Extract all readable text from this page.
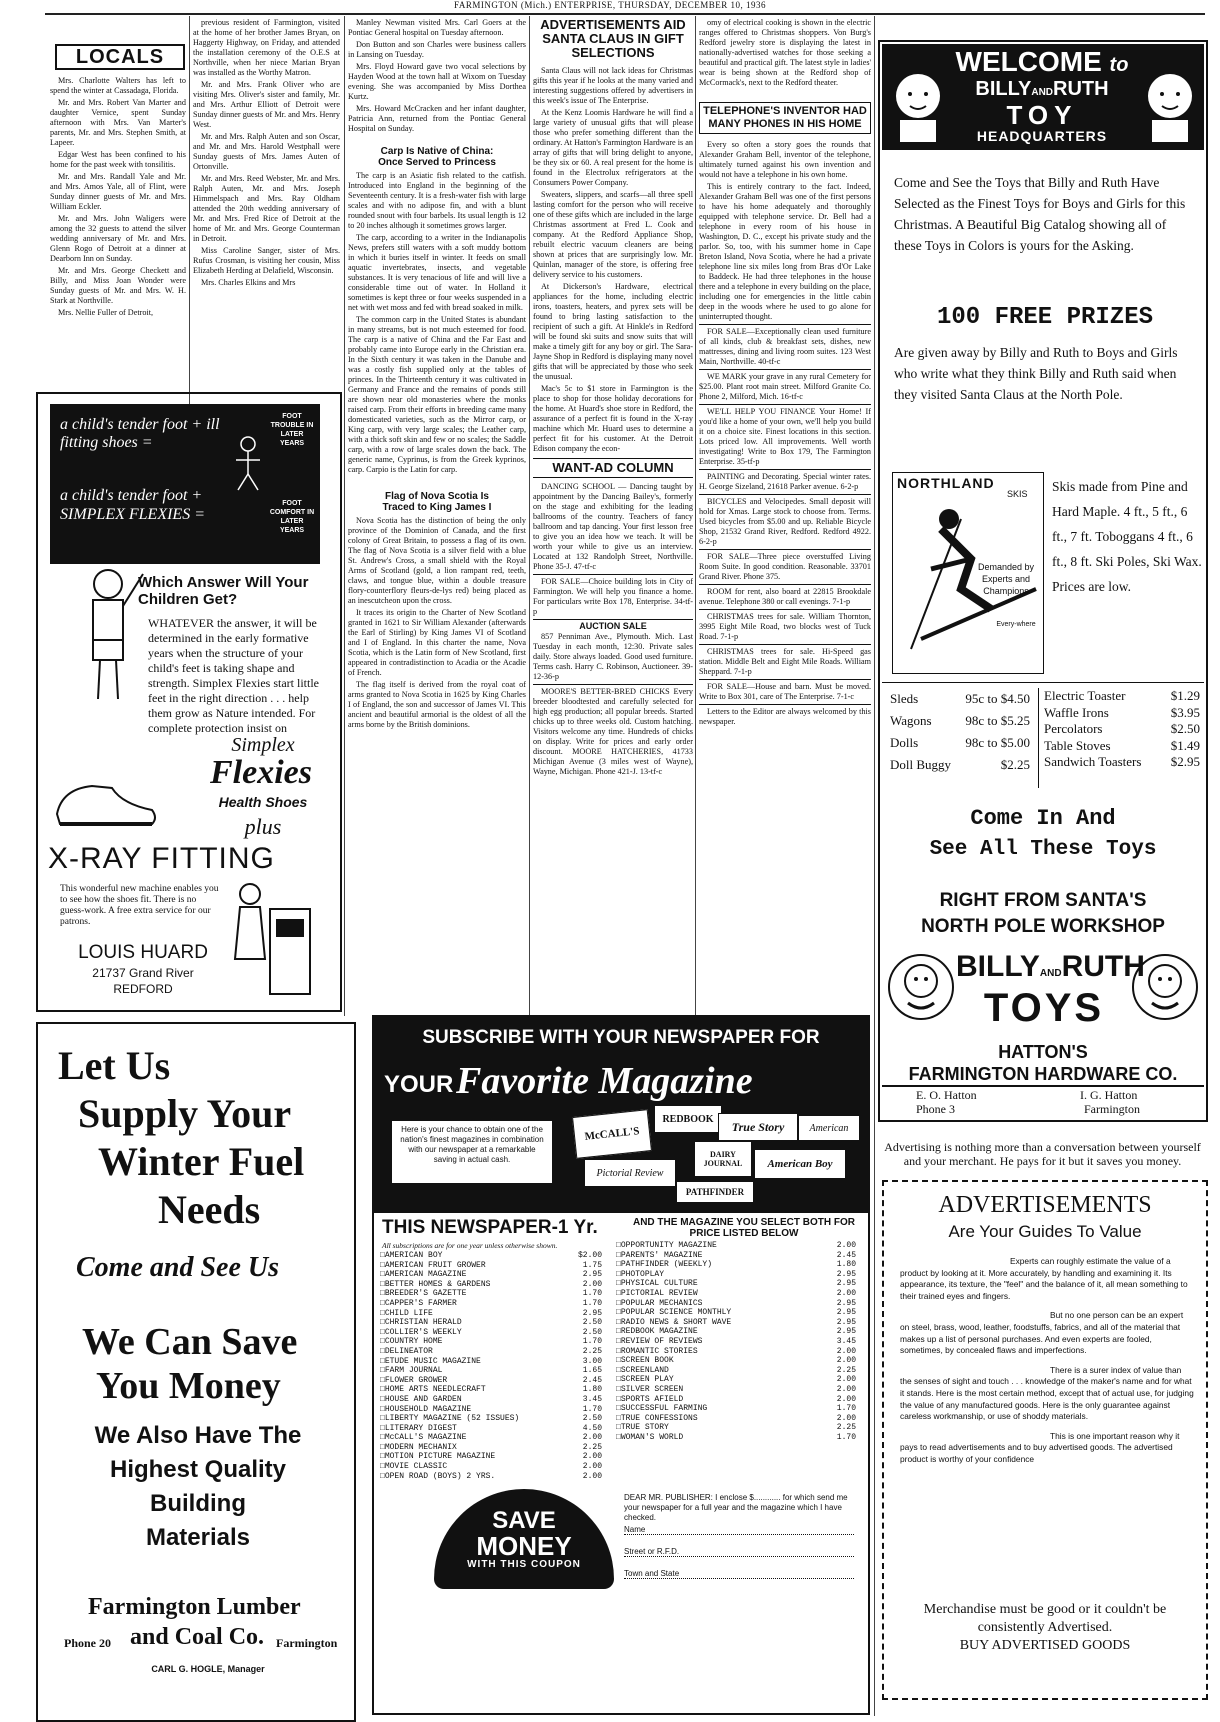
FARMINGTON (Mich.) ENTERPRISE, THURSDAY, DECEMBER 10, 1936
LOCALS

Mrs. Charlotte Walters has left to spend the winter at Cassadaga, Florida.

Mr. and Mrs. Robert Van Marter and daughter Vernice, spent Sunday afternoon with Mrs. Van Marter's parents, Mr. and Mrs. Stephen Smith, at Lapeer.

Edgar West has been confined to his home for the past week with tonsilitis.

Mr. and Mrs. Randall Yale and Mr. and Mrs. Amos Yale, all of Flint, were Sunday dinner guests of Mr. and Mrs. William Eckler.

Mr. and Mrs. John Waligers were among the 32 guests to attend the silver wedding anniversary of Mr. and Mrs. Glenn Rogo of Detroit at a dinner at Dearborn Inn on Sunday.

Mr. and Mrs. George Checkett and Billy, and Miss Joan Wonder were Sunday guests of Mr. and Mrs. W. H. Stark at Northville.

Mrs. Nellie Fuller of Detroit,

previous resident of Farmington, visited at the home of her brother James Bryan, on Haggerty Highway, on Friday, and attended the installation ceremony of the O.E.S at Northville, when her niece Marian Bryan was installed as the Worthy Matron.

Mr. and Mrs. Frank Oliver who are visiting Mrs. Oliver's sister and family, Mr. and Mrs. Arthur Elliott of Detroit were Sunday dinner guests of Mr. and Mrs. Henry West.

Mr. and Mrs. Ralph Auten and son Oscar, and Mr. and Mrs. Harold Westphall were Sunday guests of Mrs. James Auten of Ortonville.

Mr. and Mrs. Reed Webster, Mr. and Mrs. Ralph Auten, Mr. and Mrs. Joseph Himmelspach and Mrs. Ray Oldham attended the 20th wedding anniversary of Mr. and Mrs. Fred Rice of Detroit at the home of Mr. and Mrs. George Counterman in Detroit.

Miss Caroline Sanger, sister of Mrs. Rufus Crosman, is visiting her cousin, Miss Elizabeth Herding at Delafield, Wisconsin.

Mrs. Charles Elkins and Mrs

a child's tender foot + ill fitting shoes =
a child's tender foot + SIMPLEX FLEXIES =
FOOT TROUBLE IN LATER YEARS
FOOT COMFORT IN LATER YEARS
Which Answer Will Your Children Get?
WHATEVER the answer, it will be determined in the early formative years when the structure of your child's feet is taking shape and strength. Simplex Flexies start little feet in the right direction . . . help them grow as Nature intended. For complete protection insist on
Simplex
Flexies
Health Shoes
plus
X-RAY FITTING
This wonderful new machine enables you to see how the shoes fit. There is no guess-work. A free extra service for our patrons.
LOUIS HUARD
21737 Grand River
REDFORD
Let Us
Supply Your
Winter Fuel
Needs
Come and See Us
We Can Save
You Money
We Also Have The
Highest Quality
Building
Materials
Farmington Lumber
Phone 20 and Coal Co. Farmington
CARL G. HOGLE, Manager

Manley Newman visited Mrs. Carl Goers at the Pontiac General hospital on Tuesday afternoon.

Don Button and son Charles were business callers in Lansing on Tuesday.

Mrs. Floyd Howard gave two vocal selections by Hayden Wood at the town hall at Wixom on Tuesday evening. She was accompanied by Miss Dorthea Kurtz.

Mrs. Howard McCracken and her infant daughter, Patricia Ann, returned from the Pontiac General Hospital on Sunday.

Carp Is Native of China:
Once Served to Princess

The carp is an Asiatic fish related to the catfish. Introduced into England in the beginning of the Seventeenth century. It is a fresh-water fish with large scales and with no adipose fin, and with a blunt rounded snout with four barbels. Its usual length is 12 to 20 inches although it sometimes grows larger.

The carp, according to a writer in the Indianapolis News, prefers still waters with a soft muddy bottom in which it buries itself in winter. It feeds on small aquatic invertebrates, insects, and vegetable substances. It is very tenacious of life and will live a considerable time out of water. In Holland it sometimes is kept three or four weeks suspended in a net with wet moss and fed with bread soaked in milk.

The common carp in the United States is abundant in many streams, but is not much esteemed for food. The carp is a native of China and the Far East and probably came into Europe early in the Christian era. In the Sixth century it was taken in the Danube and was a costly fish supplied only at the tables of princes. In the Thirteenth century it was cultivated in Germany and France and the remains of ponds still are shown near old monasteries where the monks raised carp. From their efforts in breeding came many domesticated varieties, such as the Mirror carp, or King carp, with very large scales; the Leather carp, with a thick soft skin and few or no scales; the Saddle carp, with a row of large scales down the back. The generic name, Cyprinus, is from the Greek kyprinos, carp. Carpio is the Latin for carp.

Flag of Nova Scotia Is
Traced to King James I

Nova Scotia has the distinction of being the only province of the Dominion of Canada, and the first colony of Great Britain, to possess a flag of its own. The flag of Nova Scotia is a silver field with a blue St. Andrew's Cross, a small shield with the Royal Arms of Scotland (gold, a lion rampant red, teeth, claws, and tongue blue, within a double treasure flory-counterflory fleurs-de-lys red) being placed as an inescutcheon upon the cross.

It traces its origin to the Charter of New Scotland granted in 1621 to Sir William Alexander (afterwards the Earl of Stirling) by King James VI of Scotland and I of England. In this charter the name, Nova Scotia, which is the Latin form of New Scotland, first appeared in contradistinction to Acadia or the Acadie of French.

The flag itself is derived from the royal coat of arms granted to Nova Scotia in 1625 by King Charles I of England, the son and successor of James VI. This ancient and beautiful armorial is the oldest of all the arms borne by the British dominions.

ADVERTISEMENTS AID SANTA CLAUS IN GIFT SELECTIONS

Santa Claus will not lack ideas for Christmas gifts this year if he looks at the many varied and interesting suggestions offered by advertisers in this week's issue of The Enterprise.

At the Kenz Loomis Hardware he will find a large variety of unusual gifts that will please those who prefer something different than the ordinary. At Hatton's Farmington Hardware is an array of gifts that will bring delight to anyone, be they six or 60. A real present for the home is found in the Electrolux refrigerators at the Consumers Power Company.

Sweaters, slippers, and scarfs—all three spell lasting comfort for the person who will receive one of these gifts which are included in the large Christmas assortment at Fred L. Cook and company. At the Redford Appliance Shop, rebuilt electric vacuum cleaners are being shown at prices that are surprisingly low. Mr. Quinlan, manager of the store, is offering free delivery service to his customers.

At Dickerson's Hardware, electrical appliances for the home, including electric irons, toasters, heaters, and pyrex sets will be found to bring lasting satisfaction to the recipient of such a gift. At Hinkle's in Redford will be found ski suits and snow suits that will make a timely gift for any boy or girl. The Sara-Jayne Shop in Redford is displaying many novel gifts that will be appreciated by those who seek the unusual.

Mac's 5c to $1 store in Farmington is the place to shop for those holiday decorations for the home. At Huard's shoe store in Redford, the assurance of a perfect fit is found in the X-ray machine which Mr. Huard uses to determine a perfect fit for his customer. At the Detroit Edison company the econ-

WANT-AD COLUMN

DANCING SCHOOL — Dancing taught by appointment by the Dancing Bailey's, formerly on the stage and exhibiting for the leading ballrooms of the country. Teachers of fancy ballroom and tap dancing. Your first lesson free to give you an idea how we teach. It will be worth your while to give us an interview. Located at 132 Randolph Street, Northville. Phone 35-J. 47-tf-c

FOR SALE—Choice building lots in City of Farmington. We will help you finance a home. For particulars write Box 178, Enterprise. 34-tf-p

AUCTION SALE

857 Penniman Ave., Plymouth. Mich. Last Tuesday in each month, 12:30. Private sales daily. Store always loaded. Good used furniture. Terms cash. Harry C. Robinson, Auctioneer. 39-12-36-p

MOORE'S BETTER-BRED CHICKS Every breeder bloodtested and carefully selected for high egg production; all popular breeds. Started chicks up to three weeks old. Custom hatching. Visitors welcome any time. Hundreds of chicks on display. Write for prices and early order discount. MOORE HATCHERIES, 41733 Michigan Avenue (3 miles west of Wayne), Wayne, Michigan. Phone 421-J. 13-tf-c

omy of electrical cooking is shown in the electric ranges offered to Christmas shoppers. Von Burg's Redford jewelry store is displaying the latest in nationally-advertised watches for those seeking a beautiful and practical gift. The latest style in ladies' wear is being shown at the Redford shop of McCormack's, next to the Redford theater.

TELEPHONE'S INVENTOR HAD MANY PHONES IN HIS HOME

Every so often a story goes the rounds that Alexander Graham Bell, inventor of the telephone, ultimately turned against his own invention and would not have a telephone in his own home.

This is entirely contrary to the fact. Indeed, Alexander Graham Bell was one of the first persons to have his home adequately and thoroughly equipped with telephone service. Dr. Bell had a telephone in every room of his house in Washington, D. C., except his private study and the parlor. So, too, with his summer home in Cape Breton Island, Nova Scotia, where he had a private telephone line six miles long from Bras d'Or Lake to Baddeck. He had three telephones in the house there and a telephone in every building on the place, including one for emergencies in the little cabin deep in the woods where he used to go alone for uninterrupted thought.

FOR SALE—Exceptionally clean used furniture of all kinds, club & breakfast sets, dishes, new mattresses, dining and living room suites. 123 West Main, Northville. 40-tf-c

WE MARK your grave in any rural Cemetery for $25.00. Plant root main street. Milford Granite Co. Phone 2, Milford, Mich. 16-tf-c

WE'LL HELP YOU FINANCE Your Home! If you'd like a home of your own, we'll help you build it on a choice site. Finest locations in this section. Lots priced low. All improvements. Well worth investigating! Write to Box 179, The Farmington Enterprise. 35-tf-p

PAINTING and Decorating. Special winter rates. H. George Sizeland, 21618 Parker avenue. 6-2-p

BICYCLES and Velocipedes. Small deposit will hold for Xmas. Large stock to choose from. Terms. Used bicycles from $5.00 and up. Reliable Bicycle Shop, 21532 Grand River, Redford. Redford 4922. 6-2-p

FOR SALE—Three piece overstuffed Living Room Suite. In good condition. Reasonable. 33701 Grand River. Phone 375.

ROOM for rent, also board at 22815 Brookdale avenue. Telephone 380 or call evenings. 7-1-p

CHRISTMAS trees for sale. William Thornton, 3995 Eight Mile Road, two blocks west of Tuck Road. 7-1-p

CHRISTMAS trees for sale. Hi-Speed gas station. Middle Belt and Eight Mile Roads. William Sheppard. 7-1-p

FOR SALE—House and barn. Must be moved. Write to Box 301, care of The Enterprise. 7-1-c

Letters to the Editor are always welcomed by this newspaper.

SUBSCRIBE WITH YOUR NEWSPAPER FOR
YOUR Favorite Magazine
Here is your chance to obtain one of the nation's finest magazines in combination with our newspaper at a remarkable saving in actual cash.
McCALL'S
REDBOOK
True Story
American Boy
Pictorial Review
PATHFINDER
DAIRY JOURNAL
American
THIS NEWSPAPER-1 Yr.	AND THE MAGAZINE YOU SELECT BOTH FOR PRICE LISTED BELOW
All subscriptions are for one year unless otherwise shown.
□ AMERICAN BOY	$2.00
□ AMERICAN FRUIT GROWER	1.75
□ AMERICAN MAGAZINE	2.95
□ BETTER HOMES & GARDENS	2.00
□ BREEDER'S GAZETTE	1.70
□ CAPPER'S FARMER	1.70
□ CHILD LIFE	2.95
□ CHRISTIAN HERALD	2.50
□ COLLIER'S WEEKLY	2.50
□ COUNTRY HOME	1.70
□ DELINEATOR	2.25
□ ETUDE MUSIC MAGAZINE	3.00
□ FARM JOURNAL	1.65
□ FLOWER GROWER	2.45
□ HOME ARTS NEEDLECRAFT	1.80
□ HOUSE AND GARDEN	3.45
□ HOUSEHOLD MAGAZINE	1.70
□ LIBERTY MAGAZINE (52 ISSUES)	2.50
□ LITERARY DIGEST	4.50
□ McCALL'S MAGAZINE	2.00
□ MODERN MECHANIX	2.25
□ MOTION PICTURE MAGAZINE	2.00
□ MOVIE CLASSIC	2.00
□ OPEN ROAD (BOYS) 2 YRS.	2.00
□ OPPORTUNITY MAGAZINE	2.00
□ PARENTS' MAGAZINE	2.45
□ PATHFINDER (WEEKLY)	1.80
□ PHOTOPLAY	2.95
□ PHYSICAL CULTURE	2.95
□ PICTORIAL REVIEW	2.00
□ POPULAR MECHANICS	2.95
□ POPULAR SCIENCE MONTHLY	2.95
□ RADIO NEWS & SHORT WAVE	2.95
□ REDBOOK MAGAZINE	2.95
□ REVIEW OF REVIEWS	3.45
□ ROMANTIC STORIES	2.00
□ SCREEN BOOK	2.00
□ SCREENLAND	2.25
□ SCREEN PLAY	2.00
□ SILVER SCREEN	2.00
□ SPORTS AFIELD	2.00
□ SUCCESSFUL FARMING	1.70
□ TRUE CONFESSIONS	2.00
□ TRUE STORY	2.25
□ WOMAN'S WORLD	1.70
SAVE
MONEY
WITH THIS COUPON
DEAR MR. PUBLISHER: I enclose $............ for which send me your newspaper for a full year and the magazine which I have checked.
Name
Street or R.F.D.
Town and State
WELCOME to
BILLYANDRUTH
TOY
HEADQUARTERS
Come and See the Toys that Billy and Ruth Have Selected as the Finest Toys for Boys and Girls for this Christmas. A Beautiful Big Catalog showing all of these Toys in Colors is yours for the Asking.
100 FREE PRIZES
Are given away by Billy and Ruth to Boys and Girls who write what they think Billy and Ruth said when they visited Santa Claus at the North Pole.
NORTHLAND
SKIS
Demanded by Experts and Champions
Every-where
Skis made from Pine and Hard Maple. 4 ft., 5 ft., 6 ft., 7 ft. Toboggans 4 ft., 6 ft., 8 ft. Ski Poles, Ski Wax. Prices are low.
Sleds	95c to $4.50
Wagons	98c to $5.25
Dolls	98c to $5.00
Doll Buggy	$2.25
Electric Toaster	$1.29
Waffle Irons	$3.95
Percolators	$2.50
Table Stoves	$1.49
Sandwich Toasters $2.95
Come In And
See All These Toys
RIGHT FROM SANTA'S
NORTH POLE WORKSHOP
BILLYANDRUTH
TOYS
HATTON'S
FARMINGTON HARDWARE CO.
E. O. Hatton
Phone 3
I. G. Hatton
Farmington
Advertising is nothing more than a conversation between yourself and your merchant. He pays for it but it saves you money.
ADVERTISEMENTS
Are Your Guides To Value

Experts can roughly estimate the value of a product by looking at it. More accurately, by handling and examining it. Its appearance, its texture, the "feel" and the balance of it, all mean something to their trained eyes and fingers.

But no one person can be an expert on steel, brass, wood, leather, foodstuffs, fabrics, and all of the material that makes up a list of personal purchases. And even experts are fooled, sometimes, by concealed flaws and imperfections.

There is a surer index of value than the senses of sight and touch . . . knowledge of the maker's name and for what it stands. Here is the most certain method, except that of actual use, for judging the value of any manufactured goods. Here is the only guarantee against careless workmanship, or use of shoddy materials.

This is one important reason why it pays to read advertisements and to buy advertised goods. The advertised product is worthy of your confidence

Merchandise must be good or it couldn't be
consistently Advertised.
BUY ADVERTISED GOODS
